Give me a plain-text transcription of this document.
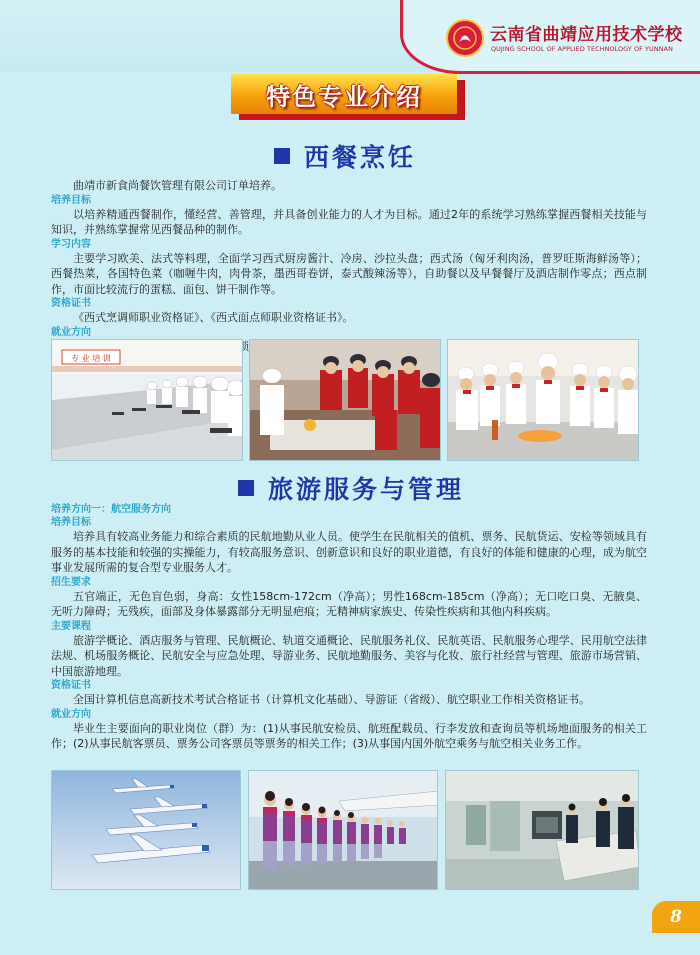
云南省曲靖应用技术学校
QUJING SCHOOL OF APPLIED TECHNOLOGY OF YUNNAN
特色专业介绍
西餐烹饪

曲靖市新食尚餐饮管理有限公司订单培养。

培养目标

以培养精通西餐制作，懂经营、善管理，并具备创业能力的人才为目标。通过2年的系统学习熟练掌握西餐相关技能与知识，并熟练掌握常见西餐品种的制作。

学习内容

主要学习欧美、法式等料理，全面学习西式厨房酱汁、冷房、沙拉头盘；西式汤（匈牙利肉汤，普罗旺斯海鲜汤等）；西餐热菜，各国特色菜（咖喱牛肉，肉骨茶，墨西哥卷饼，泰式酸辣汤等），自助餐以及早餐餐厅及酒店制作零点；西点制作，市面比较流行的蛋糕、面包、饼干制作等。

资格证书

《西式烹调师职业资格证》、《西式面点师职业资格证书》。

就业方向

专 业 培 训
旅游服务与管理

培养方向一：航空服务方向

培养目标

培养具有较高业务能力和综合素质的民航地勤从业人员。使学生在民航相关的值机、票务、民航货运、安检等领域具有服务的基本技能和较强的实操能力，有较高服务意识、创新意识和良好的职业道德，有良好的体能和健康的心理，成为航空事业发展所需的复合型专业服务人才。

招生要求

五官端正，无色盲色弱，身高：女性158cm-172cm（净高）；男性168cm-185cm（净高）；无口吃口臭、无腋臭、无听力障碍；无残疾，面部及身体暴露部分无明显疤痕；无精神病家族史、传染性疾病和其他内科疾病。

主要课程

旅游学概论、酒店服务与管理、民航概论、轨道交通概论、民航服务礼仪、民航英语、民航服务心理学、民用航空法律法规、机场服务概论、民航安全与应急处理、导游业务、民航地勤服务、美容与化妆、旅行社经营与管理、旅游市场营销、中国旅游地理。

资格证书

全国计算机信息高新技术考试合格证书（计算机文化基础）、导游证（省级）、航空职业工作相关资格证书。

就业方向

毕业生主要面向的职业岗位（群）为：(1)从事民航安检员、航班配载员、行李发放和查询员等机场地面服务的相关工作；(2)从事民航客票员、票务公司客票员等票务的相关工作；(3)从事国内国外航空乘务与航空相关业务工作。

8
